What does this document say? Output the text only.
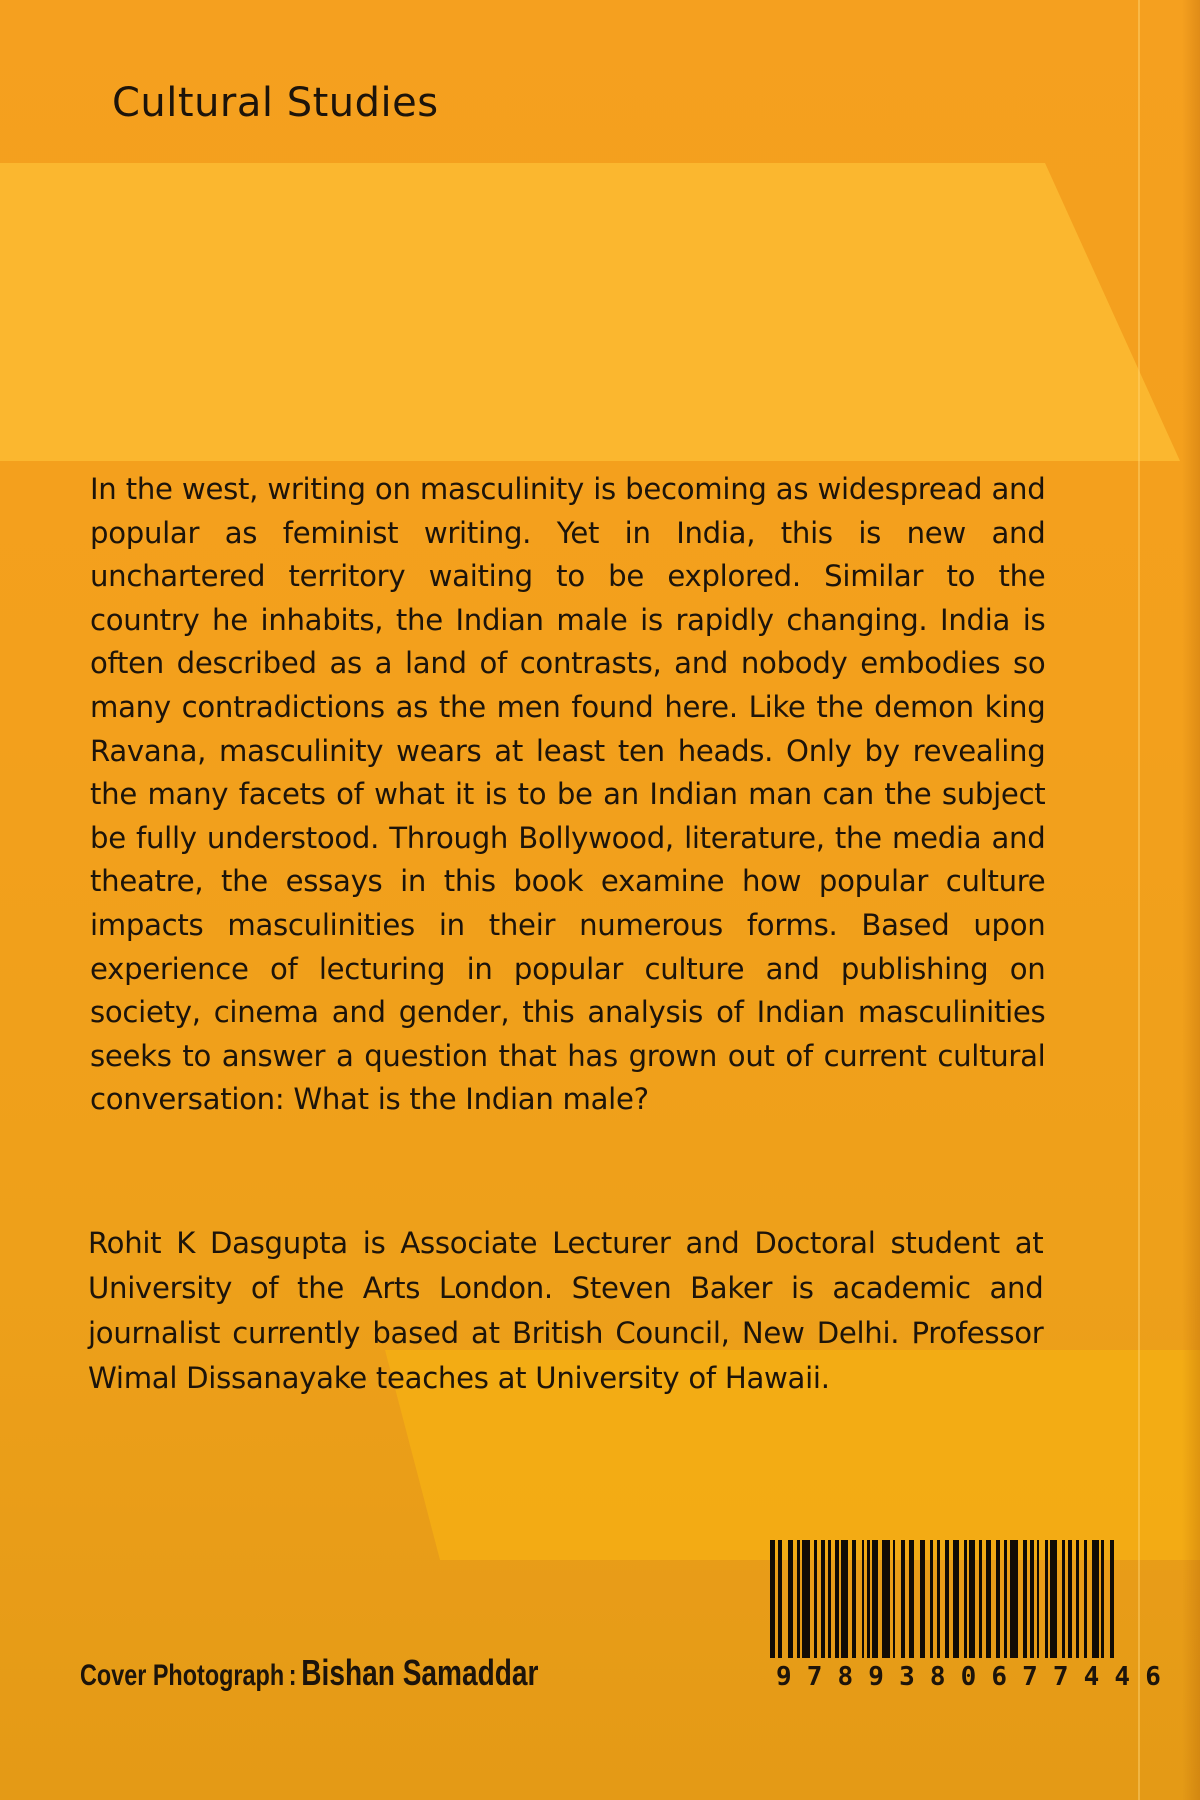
Cultural Studies

In the west, writing on masculinity is becoming as widespread and popular as feminist writing. Yet in India, this is new and unchartered territory waiting to be explored. Similar to the country he inhabits, the Indian male is rapidly changing. India is often described as a land of contrasts, and nobody embodies so many contradictions as the men found here. Like the demon king Ravana, masculinity wears at least ten heads. Only by revealing the many facets of what it is to be an Indian man can the subject be fully understood. Through Bollywood, literature, the media and theatre, the essays in this book examine how popular culture impacts masculinities in their numerous forms. Based upon experience of lecturing in popular culture and publishing on society, cinema and gender, this analysis of Indian masculinities seeks to answer a question that has grown out of current cultural conversation: What is the Indian male?

Rohit K Dasgupta is Associate Lecturer and Doctoral student at University of the Arts London. Steven Baker is academic and journalist currently based at British Council, New Delhi. Professor Wimal Dissanayake teaches at University of Hawaii.

Cover Photograph : Bishan Samaddar	9 7 8 9 3 8 0 6 7 7 4 4 6
